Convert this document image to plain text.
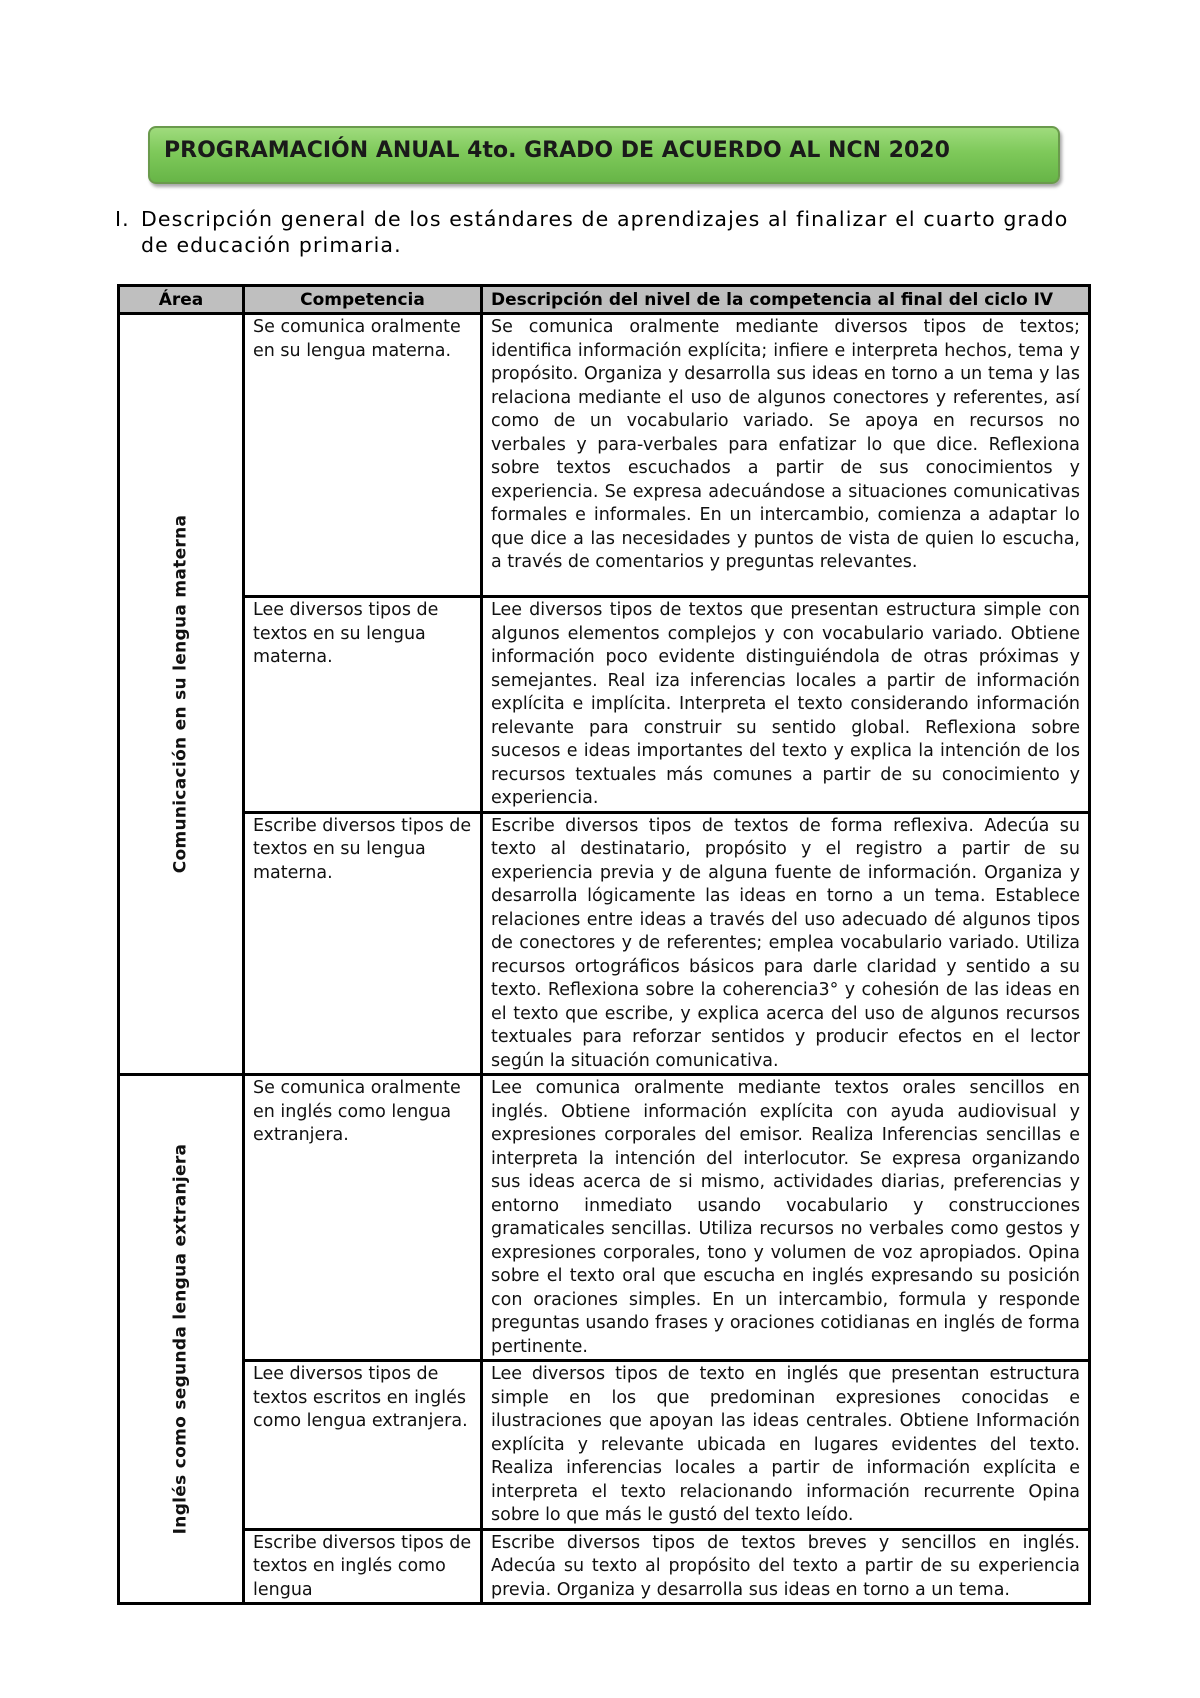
PROGRAMACIÓN ANUAL 4to. GRADO DE ACUERDO AL NCN 2020
I. Descripción general de los estándares de aprendizajes al finalizar el cuarto grado de educación primaria.
Área	Competencia	Descripción del nivel de la competencia al final del ciclo IV

Comunicación en su lengua materna	Se comunica oralmente en su lengua materna.	Se comunica oralmente mediante diversos tipos de textos; identifica información explícita; infiere e interpreta hechos, tema y propósito. Organiza y desarrolla sus ideas en torno a un tema y las relaciona mediante el uso de algunos conectores y referentes, así como de un vocabulario variado. Se apoya en recursos no verbales y para-verbales para enfatizar lo que dice. Reflexiona sobre textos escuchados a partir de sus conocimientos y experiencia. Se expresa adecuándose a situaciones comunicativas formales e informales. En un intercambio, comienza a adaptar lo que dice a las necesidades y puntos de vista de quien lo escucha, a través de comentarios y preguntas relevantes.
	Lee diversos tipos de textos en su lengua materna.	Lee diversos tipos de textos que presentan estructura simple con algunos elementos complejos y con vocabulario variado. Obtiene información poco evidente distinguiéndola de otras próximas y semejantes. Real iza inferencias locales a partir de información explícita e implícita. Interpreta el texto considerando información relevante para construir su sentido global. Reflexiona sobre sucesos e ideas importantes del texto y explica la intención de los recursos textuales más comunes a partir de su conocimiento y experiencia.
	Escribe diversos tipos de textos en su lengua materna.	Escribe diversos tipos de textos de forma reflexiva. Adecúa su texto al destinatario, propósito y el registro a partir de su experiencia previa y de alguna fuente de información. Organiza y desarrolla lógicamente las ideas en torno a un tema. Establece relaciones entre ideas a través del uso adecuado dé algunos tipos de conectores y de referentes; emplea vocabulario variado. Utiliza recursos ortográficos básicos para darle claridad y sentido a su texto. Reflexiona sobre la coherencia3° y cohesión de las ideas en el texto que escribe, y explica acerca del uso de algunos recursos textuales para reforzar sentidos y producir efectos en el lector según la situación comunicativa.

Inglés como segunda lengua extranjera	Se comunica oralmente en inglés como lengua extranjera.	Lee comunica oralmente mediante textos orales sencillos en inglés. Obtiene información explícita con ayuda audiovisual y expresiones corporales del emisor. Realiza Inferencias sencillas e interpreta la intención del interlocutor. Se expresa organizando sus ideas acerca de si mismo, actividades diarias, preferencias y entorno inmediato usando vocabulario y construcciones gramaticales sencillas. Utiliza recursos no verbales como gestos y expresiones corporales, tono y volumen de voz apropiados. Opina sobre el texto oral que escucha en inglés expresando su posición con oraciones simples. En un intercambio, formula y responde preguntas usando frases y oraciones cotidianas en inglés de forma pertinente.
	Lee diversos tipos de textos escritos en inglés como lengua extranjera.	Lee diversos tipos de texto en inglés que presentan estructura simple en los que predominan expresiones conocidas e ilustraciones que apoyan las ideas centrales. Obtiene Información explícita y relevante ubicada en lugares evidentes del texto. Realiza inferencias locales a partir de información explícita e interpreta el texto relacionando información recurrente Opina sobre lo que más le gustó del texto leído.

	Escribe diversos tipos de textos en inglés como lengua	Escribe diversos tipos de textos breves y sencillos en inglés. Adecúa su texto al propósito del texto a partir de su experiencia previa. Organiza y desarrolla sus ideas en torno a un tema.
